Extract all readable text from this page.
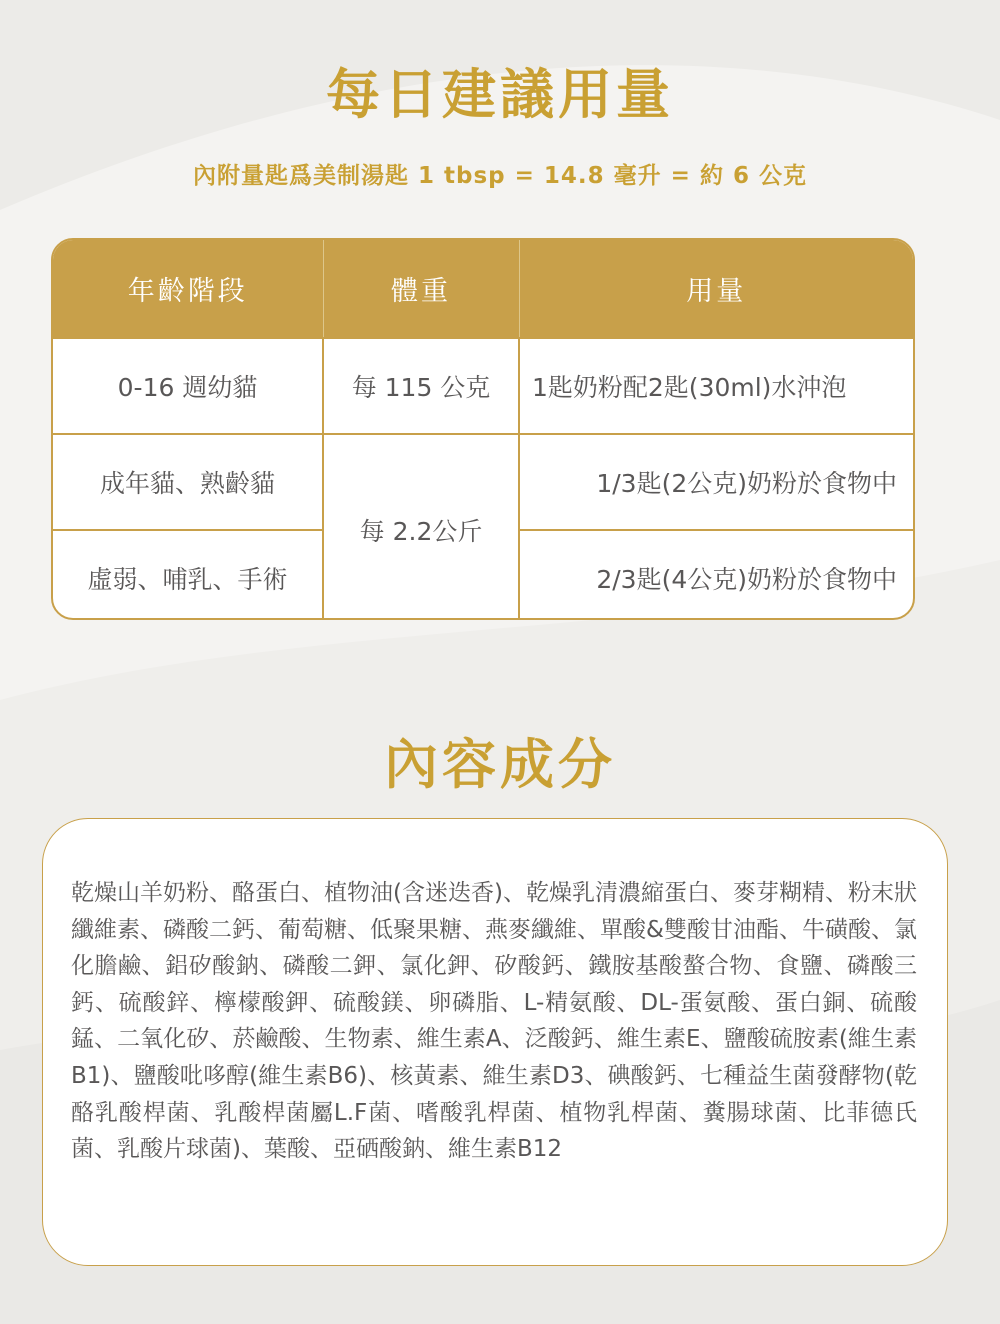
每日建議用量
內附量匙爲美制湯匙 1 tbsp = 14.8 毫升 = 約 6 公克
年齡階段	體重	用量
0-16 週幼貓	每 115 公克	1匙奶粉配2匙(30ml)水沖泡
成年貓、熟齡貓	每 2.2公斤	1/3匙(2公克)奶粉於食物中
虛弱、哺乳、手術		2/3匙(4公克)奶粉於食物中
內容成分

乾燥山羊奶粉、酪蛋白、植物油(含迷迭香)、乾燥乳清濃縮蛋白、麥芽糊精、粉末狀纖維素、磷酸二鈣、葡萄糖、低聚果糖、燕麥纖維、單酸&雙酸甘油酯、牛磺酸、氯化膽鹼、鋁矽酸鈉、磷酸二鉀、氯化鉀、矽酸鈣、鐵胺基酸螯合物、食鹽、磷酸三鈣、硫酸鋅、檸檬酸鉀、硫酸鎂、卵磷脂、L-精氨酸、DL-蛋氨酸、蛋白銅、硫酸錳、二氧化矽、菸鹼酸、生物素、維生素A、泛酸鈣、維生素E、鹽酸硫胺素(維生素B1)、鹽酸吡哆醇(維生素B6)、核黃素、維生素D3、碘酸鈣、七種益生菌發酵物(乾酪乳酸桿菌、乳酸桿菌屬L.F菌、嗜酸乳桿菌、植物乳桿菌、糞腸球菌、比菲德氏菌、乳酸片球菌)、葉酸、亞硒酸鈉、維生素B12
